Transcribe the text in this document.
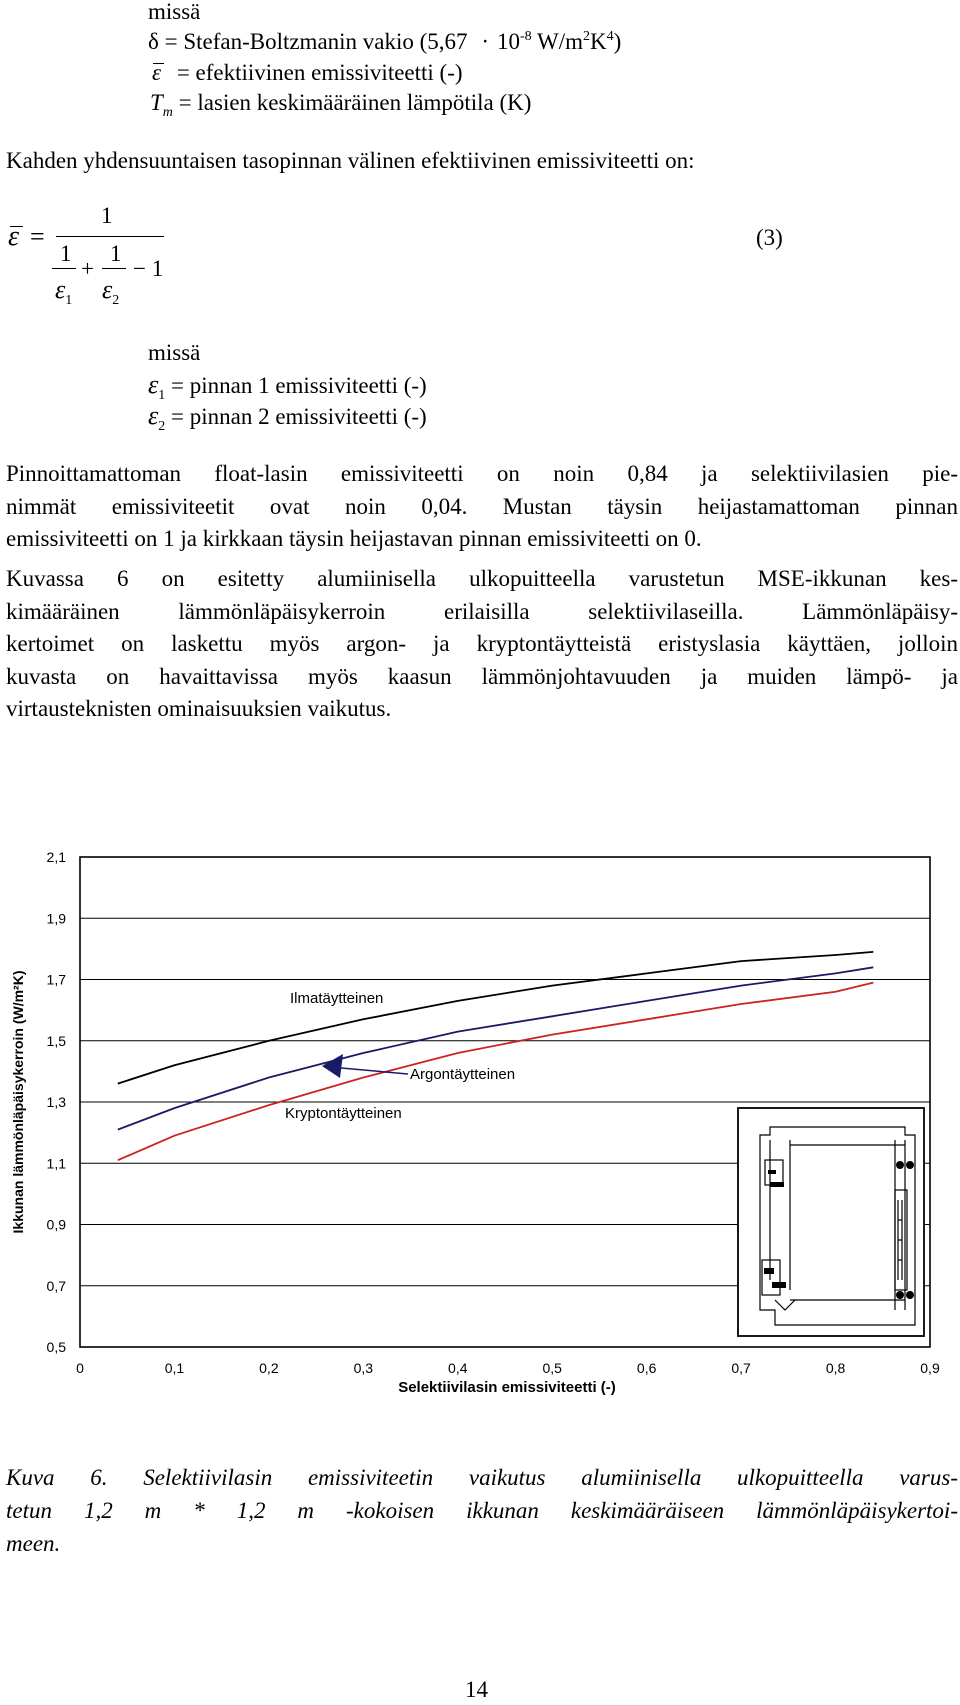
missä
δ = Stefan-Boltzmanin vakio ($5,67 \cdot 10^{-8}$ $W/m^2K^4$)
ε = efektiivinen emissiviteetti (-)
$T_m$ = lasien keskimääräinen lämpötila (K)
Kahden yhdensuuntaisen tasopinnan välinen efektiivinen emissiviteetti on:
ε =
1
1
$\varepsilon_1$
+
1
$\varepsilon_2$
− 1
(3)
missä
$\varepsilon_1$ = pinnan 1 emissiviteetti (-)
$\varepsilon_2$ = pinnan 2 emissiviteetti (-)
Pinnoittamattoman float-lasin emissiviteetti on noin 0,84 ja selektiivilasien pie-
nimmät emissiviteetit ovat noin 0,04. Mustan täysin heijastamattoman pinnan
emissiviteetti on 1 ja kirkkaan täysin heijastavan pinnan emissiviteetti on 0.
Kuvassa 6 on esitetty alumiinisella ulkopuitteella varustetun MSE-ikkunan kes-
kimääräinen lämmönläpäisykerroin erilaisilla selektiivilaseilla. Lämmönläpäisy-
kertoimet on laskettu myös argon- ja kryptontäytteistä eristyslasia käyttäen, jolloin
kuvasta on havaittavissa myös kaasun lämmönjohtavuuden ja muiden lämpö- ja
virtausteknisten ominaisuuksien vaikutus.
0,5
0,7
0,9
1,1
1,3
1,5
1,7
1,9
2,1
0	0,1	0,2	0,3	0,4	0,5	0,6	0,7	0,8	0,9
Ilmatäytteinen
Argontäytteinen
Kryptontäytteinen
Selektiivilasin emissiviteetti (-)
Ikkunan lämmönläpäisykerroin (W/m²K)
Kuva 6. Selektiivilasin emissiviteetin vaikutus alumiinisella ulkopuitteella varus-
tetun 1,2 m * 1,2 m -kokoisen ikkunan keskimääräiseen lämmönläpäisykertoi-
meen.
14
